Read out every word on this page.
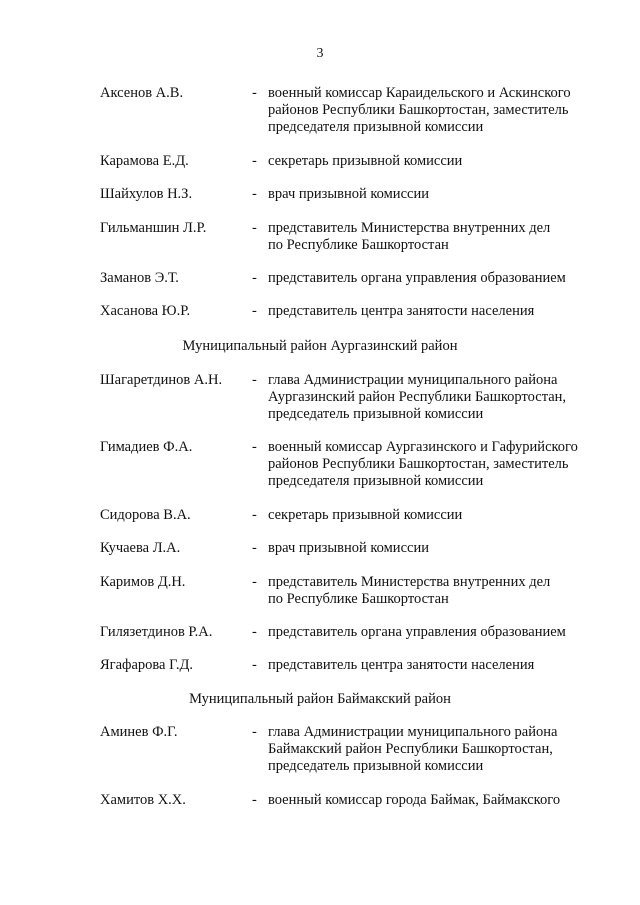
3
Аксенов А.В.	- военный комиссар Караидельского и Аскинского
районов Республики Башкортостан, заместитель
председателя призывной комиссии
Карамова Е.Д.	- секретарь призывной комиссии
Шайхулов Н.З.	- врач призывной комиссии
Гильманшин Л.Р.	- представитель Министерства внутренних дел
по Республике Башкортостан
Заманов Э.Т.	- представитель органа управления образованием
Хасанова Ю.Р.	- представитель центра занятости населения
Муниципальный район Аургазинский район
Шагаретдинов А.Н. - глава Администрации муниципального района
Аургазинский район Республики Башкортостан,
председатель призывной комиссии
Гимадиев Ф.А.	- военный комиссар Аургазинского и Гафурийского
районов Республики Башкортостан, заместитель
председателя призывной комиссии
Сидорова В.А.	- секретарь призывной комиссии
Кучаева Л.А.	- врач призывной комиссии
Каримов Д.Н.	- представитель Министерства внутренних дел
по Республике Башкортостан
Гилязетдинов Р.А.	- представитель органа управления образованием
Ягафарова Г.Д.	- представитель центра занятости населения
Муниципальный район Баймакский район
Аминев Ф.Г.	- глава Администрации муниципального района
Баймакский район Республики Башкортостан,
председатель призывной комиссии
Хамитов Х.Х.	- военный комиссар города Баймак, Баймакского
